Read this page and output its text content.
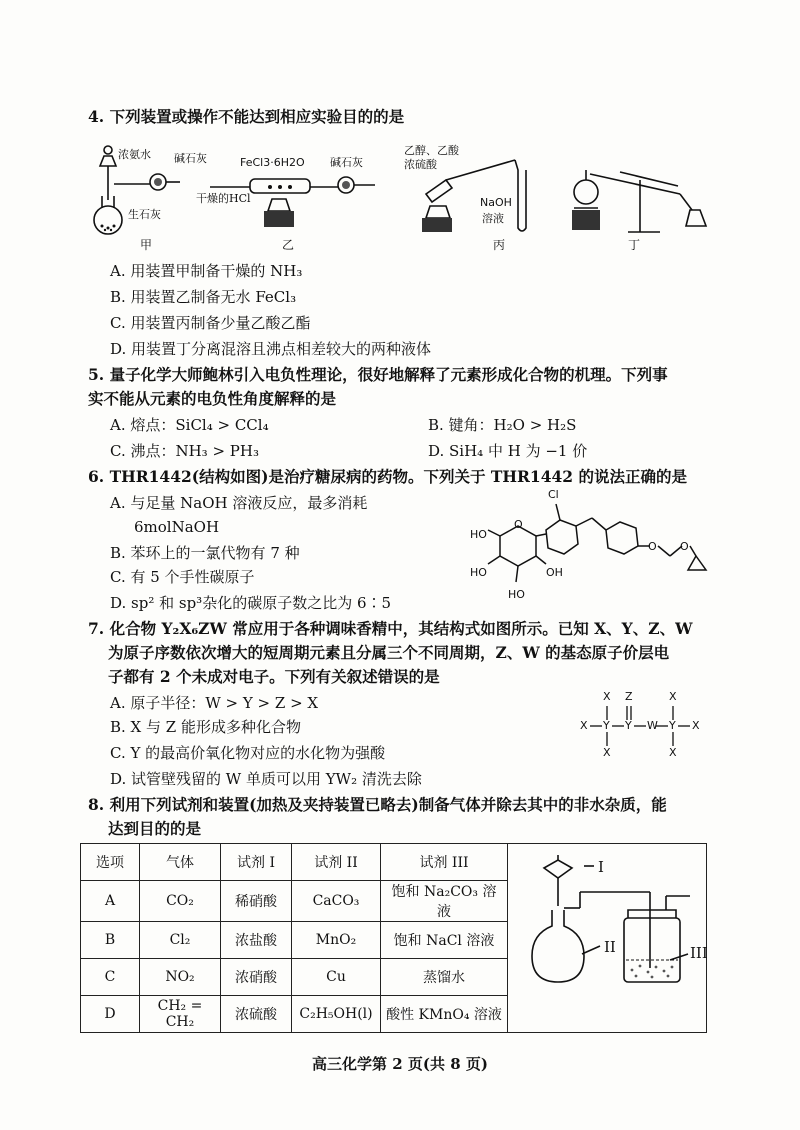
4. 下列装置或操作不能达到相应实验目的的是
浓氨水 碱石灰
生石灰
甲
FeCl3·6H2O 碱石灰
干燥的HCl
乙
乙醇、乙酸
浓硫酸
NaOH
溶液
丙	丁
A. 用装置甲制备干燥的 NH₃
B. 用装置乙制备无水 FeCl₃
C. 用装置丙制备少量乙酸乙酯
D. 用装置丁分离混溶且沸点相差较大的两种液体
5. 量子化学大师鲍林引入电负性理论，很好地解释了元素形成化合物的机理。下列事
实不能从元素的电负性角度解释的是
A. 熔点：SiCl₄ > CCl₄	B. 键角：H₂O > H₂S
C. 沸点：NH₃ > PH₃	D. SiH₄ 中 H 为 −1 价
6. THR1442(结构如图)是治疗糖尿病的药物。下列关于 THR1442 的说法正确的是
A. 与足量 NaOH 溶液反应，最多消耗
6molNaOH
B. 苯环上的一氯代物有 7 种
C. 有 5 个手性碳原子
D. sp² 和 sp³杂化的碳原子数之比为 6∶5
Cl
HO
HO	OH
HO
O
O O
7. 化合物 Y₂X₆ZW 常应用于各种调味香精中，其结构式如图所示。已知 X、Y、Z、W
为原子序数依次增大的短周期元素且分属三个不同周期，Z、W 的基态原子价层电
子都有 2 个未成对电子。下列有关叙述错误的是
A. 原子半径：W > Y > Z > X
B. X 与 Z 能形成多种化合物
C. Y 的最高价氧化物对应的水化物为强酸
D. 试管壁残留的 W 单质可以用 YW₂ 清洗去除
X Z	X
X Y Y W Y X
X	X
8. 利用下列试剂和装置(加热及夹持装置已略去)制备气体并除去其中的非水杂质，能
达到目的的是
选项	气体	试剂 I	试剂 II	试剂 III	
A	CO₂	稀硝酸	CaCO₃	饱和 Na₂CO₃ 溶液	
B	Cl₂	浓盐酸	MnO₂	饱和 NaCl 溶液	
C	NO₂	浓硝酸	Cu	蒸馏水	
D	CH₂ = CH₂	浓硫酸	C₂H₅OH(l)	酸性 KMnO₄ 溶液	
I
II	III
高三化学第 2 页(共 8 页)
